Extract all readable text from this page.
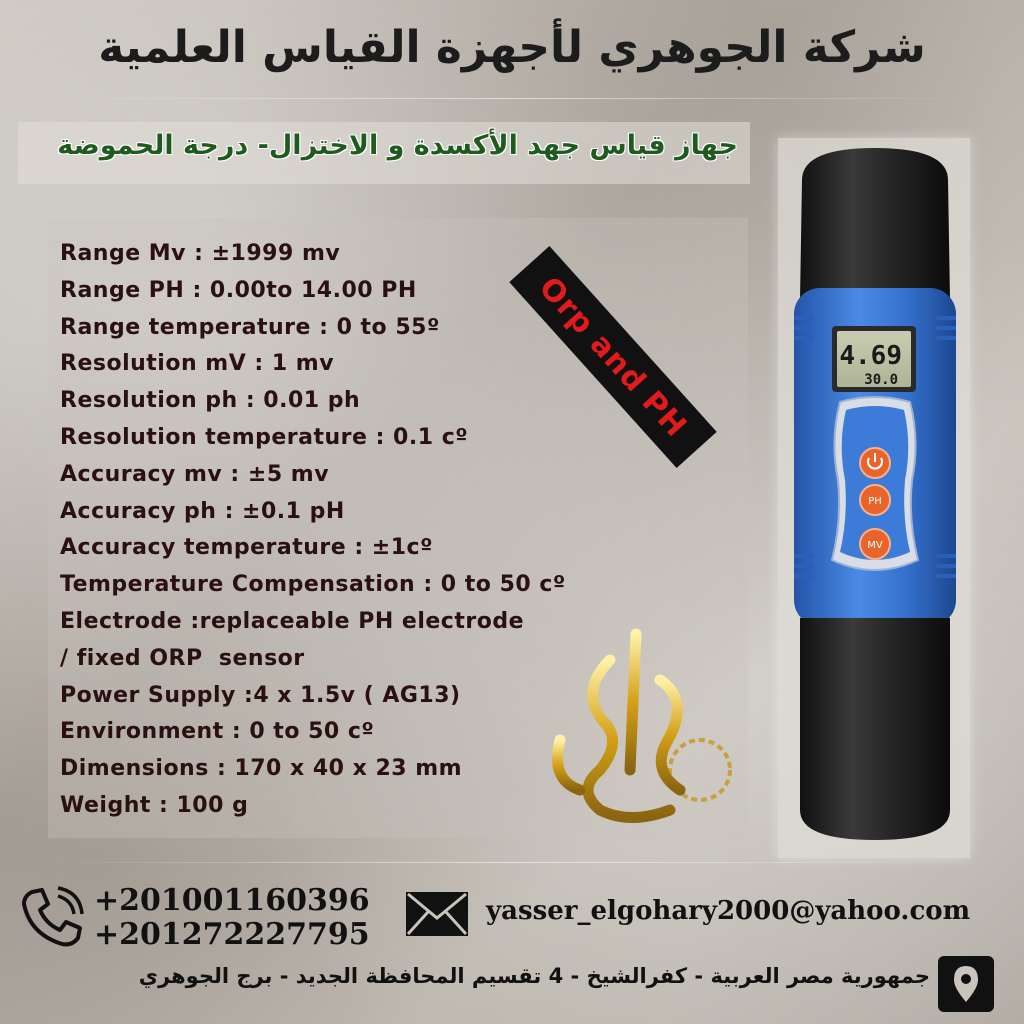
شركة الجوهري لأجهزة القياس العلمية
جهاز قياس جهد الأكسدة و الاختزال- درجة الحموضة
Range Mv : ±1999 mv
Range PH : 0.00to 14.00 PH
Range temperature : 0 to 55º
Resolution mV : 1 mv
Resolution ph : 0.01 ph
Resolution temperature : 0.1 cº
Accuracy mv : ±5 mv
Accuracy ph : ±0.1 pH
Accuracy temperature : ±1cº
Temperature Compensation : 0 to 50 cº
Electrode :replaceable PH electrode
/ fixed ORP  sensor
Power Supply :4 x 1.5v ( AG13)
Environment : 0 to 50 cº
Dimensions : 170 x 40 x 23 mm
Weight : 100 g
Orp and PH	4.69
30.0
PH
MV
+201001160396
+201272227795
yasser_elgohary2000@yahoo.com
جمهورية مصر العربية - كفرالشيخ - 4 تقسيم المحافظة الجديد - برج الجوهري
